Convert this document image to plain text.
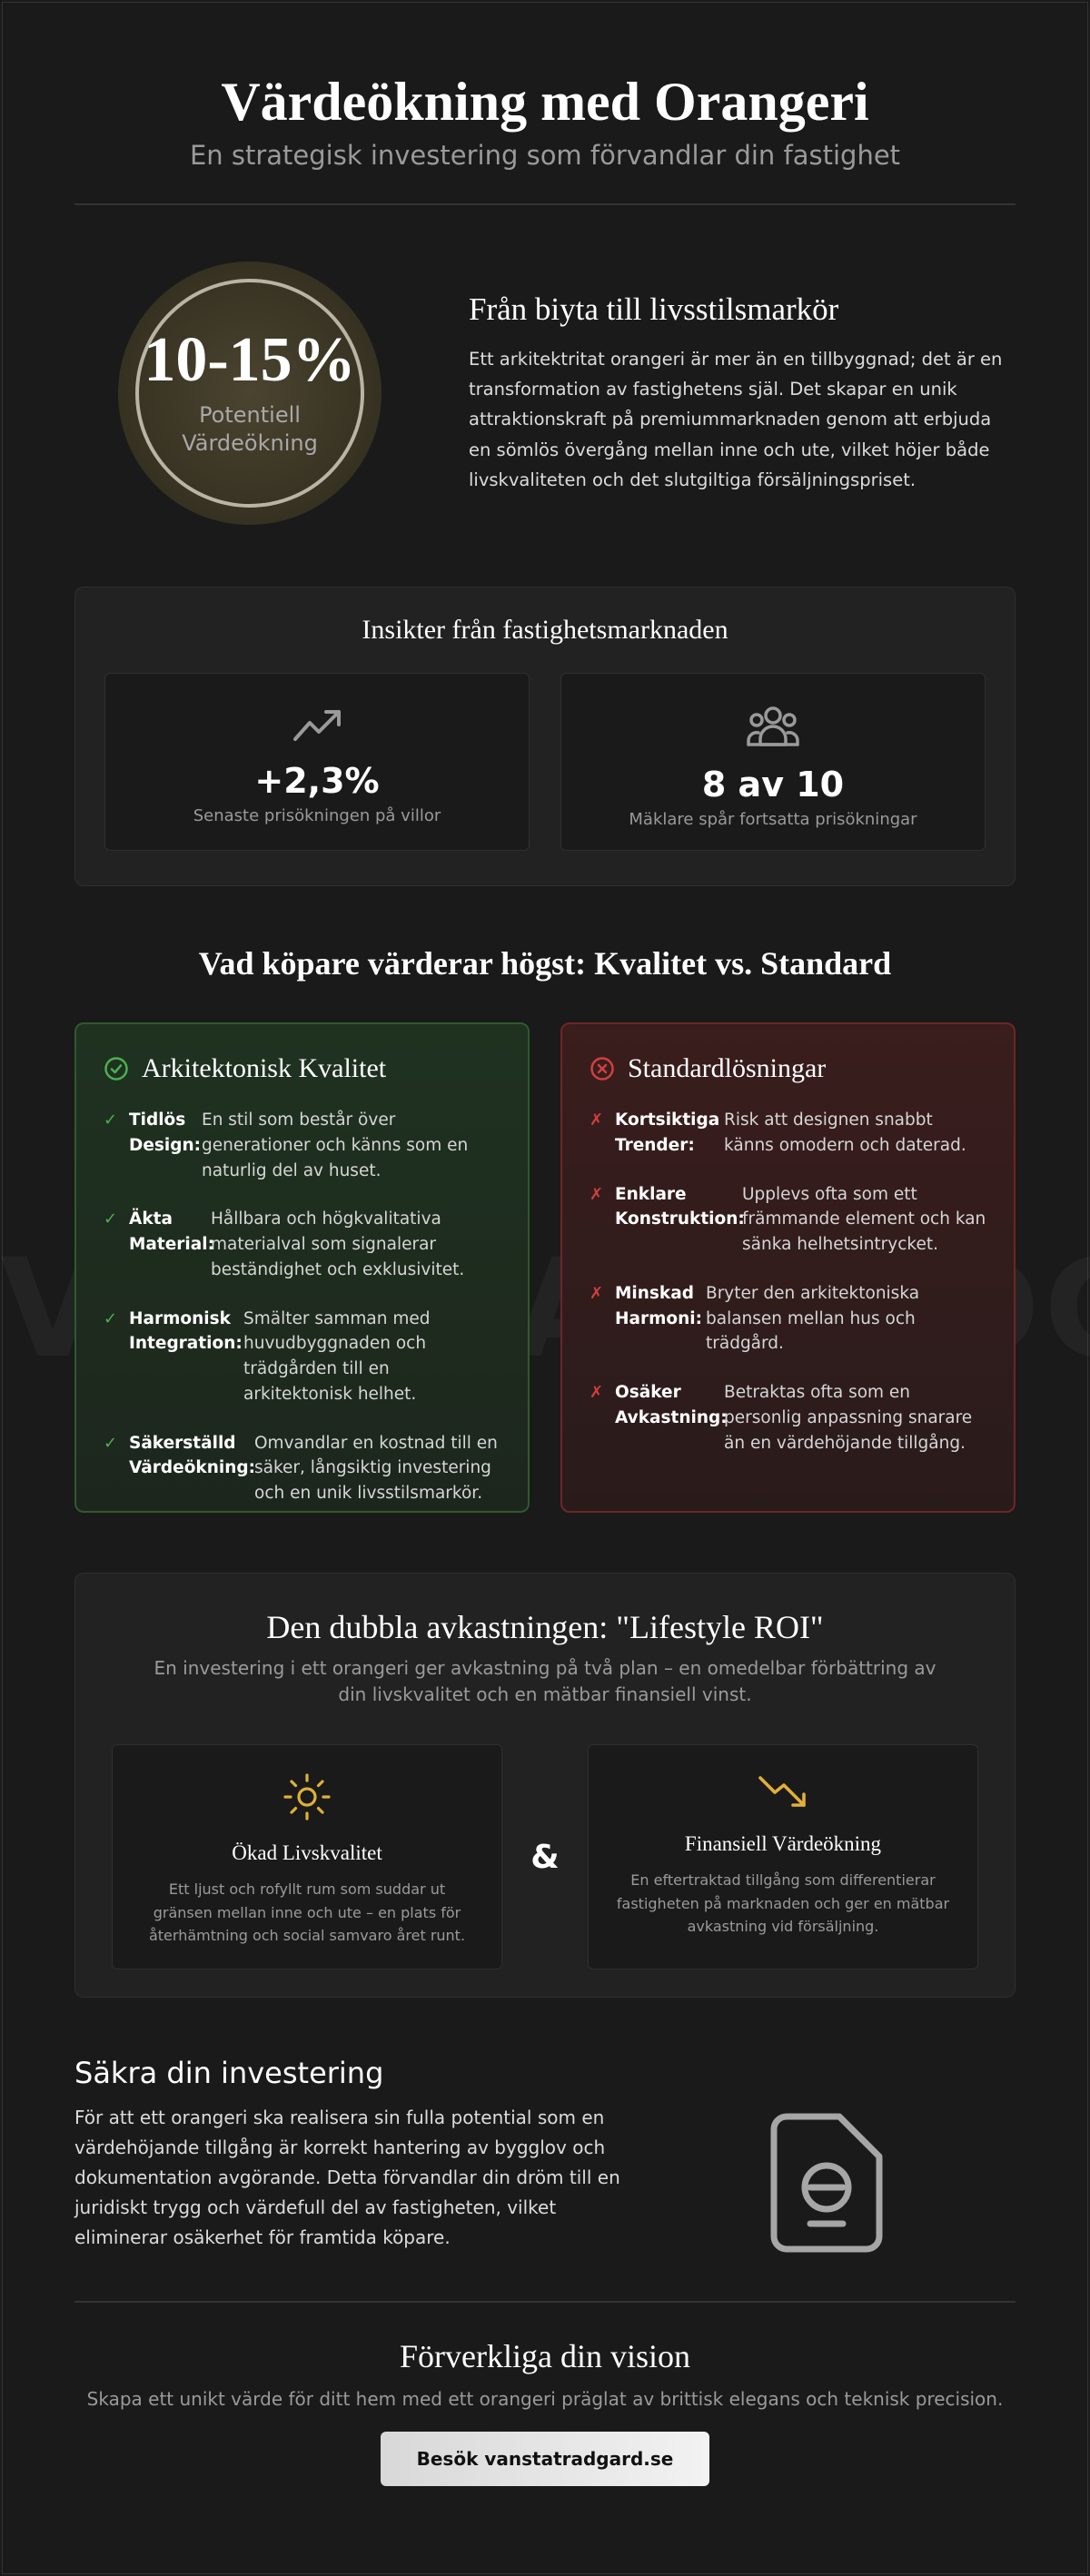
Värdeökning med Orangeri
En strategisk investering som förvandlar din fastighet
10-15%
Potentiell Värdeökning
Från biyta till livsstilsmarkör

Ett arkitektritat orangeri är mer än en tillbyggnad; det är en transformation av fastighetens själ. Det skapar en unik attraktionskraft på premiummarknaden genom att erbjuda en sömlös övergång mellan inne och ute, vilket höjer både livskvaliteten och det slutgiltiga försäljningspriset.

Insikter från fastighetsmarknaden
+2,3%
Senaste prisökningen på villor
8 av 10
Mäklare spår fortsatta prisökningar
Vad köpare värderar högst: Kvalitet vs. Standard
Arkitektonisk Kvalitet
✓ Tidlös Design:
En stil som består över generationer och känns som en naturlig del av huset.
✓ Äkta Material:
Hållbara och högkvalitativa materialval som signalerar beständighet och exklusivitet.
✓ Harmonisk Integration:
Smälter samman med huvudbyggnaden och trädgården till en arkitektonisk helhet.
✓ Säkerställd Värdeökning:
Omvandlar en kostnad till en säker, långsiktig investering och en unik livsstilsmarkör.
Standardlösningar
✗ Kortsiktiga Trender:
Risk att designen snabbt känns omodern och daterad.
✗ Enklare Konstruktion:
Upplevs ofta som ett främmande element och kan sänka helhetsintrycket.
✗ Minskad Harmoni:
Bryter den arkitektoniska balansen mellan hus och trädgård.
✗ Osäker Avkastning:
Betraktas ofta som en personlig anpassning snarare än en värdehöjande tillgång.
Den dubbla avkastningen: "Lifestyle ROI"

En investering i ett orangeri ger avkastning på två plan – en omedelbar förbättring av din livskvalitet och en mätbar finansiell vinst.

Ökad Livskvalitet

Ett ljust och rofyllt rum som suddar ut gränsen mellan inne och ute – en plats för återhämtning och social samvaro året runt.

&	Finansiell Värdeökning

En eftertraktad tillgång som differentierar fastigheten på marknaden och ger en mätbar avkastning vid försäljning.

Säkra din investering

För att ett orangeri ska realisera sin fulla potential som en värdehöjande tillgång är korrekt hantering av bygglov och dokumentation avgörande. Detta förvandlar din dröm till en juridiskt trygg och värdefull del av fastigheten, vilket eliminerar osäkerhet för framtida köpare.

Förverkliga din vision

Skapa ett unikt värde för ditt hem med ett orangeri präglat av brittisk elegans och teknisk precision.

Besök vanstatradgard.se
